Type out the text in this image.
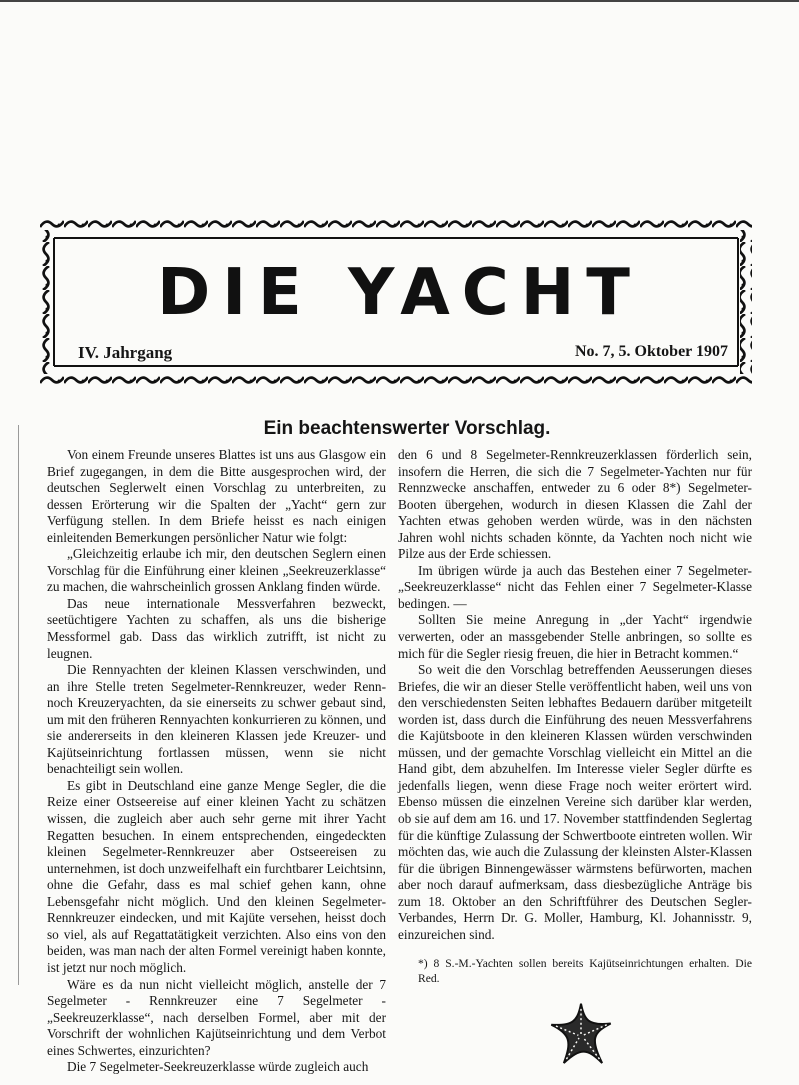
DIE YACHT
IV. Jahrgang	No. 7, 5. Oktober 1907
Ein beachtenswerter Vorschlag.

Von einem Freunde unseres Blattes ist uns aus Glasgow ein Brief zugegangen, in dem die Bitte ausgesprochen wird, der deutschen Seglerwelt einen Vorschlag zu unterbreiten, zu dessen Erörterung wir die Spalten der „Yacht“ gern zur Verfügung stellen. In dem Briefe heisst es nach einigen einleitenden Bemerkungen persönlicher Natur wie folgt:

„Gleichzeitig erlaube ich mir, den deutschen Seglern einen Vorschlag für die Einführung einer kleinen „Seekreuzerklasse“ zu machen, die wahrscheinlich grossen Anklang finden würde.

Das neue internationale Messverfahren bezweckt, seetüchtigere Yachten zu schaffen, als uns die bisherige Messformel gab. Dass das wirklich zutrifft, ist nicht zu leugnen.

Die Rennyachten der kleinen Klassen verschwinden, und an ihre Stelle treten Segelmeter-Rennkreuzer, weder Renn- noch Kreuzeryachten, da sie einerseits zu schwer gebaut sind, um mit den früheren Rennyachten konkurrieren zu können, und sie andererseits in den kleineren Klassen jede Kreuzer- und Kajütseinrichtung fortlassen müssen, wenn sie nicht benachteiligt sein wollen.

Es gibt in Deutschland eine ganze Menge Segler, die die Reize einer Ostseereise auf einer kleinen Yacht zu schätzen wissen, die zugleich aber auch sehr gerne mit ihrer Yacht Regatten besuchen. In einem entsprechenden, eingedeckten kleinen Segelmeter-Rennkreuzer aber Ostseereisen zu unternehmen, ist doch unzweifelhaft ein furchtbarer Leichtsinn, ohne die Gefahr, dass es mal schief gehen kann, ohne Lebensgefahr nicht möglich. Und den kleinen Segelmeter-Rennkreuzer eindecken, und mit Kajüte versehen, heisst doch so viel, als auf Regattatätigkeit verzichten. Also eins von den beiden, was man nach der alten Formel vereinigt haben konnte, ist jetzt nur noch möglich.

Wäre es da nun nicht vielleicht möglich, anstelle der 7 Segelmeter - Rennkreuzer eine 7 Segelmeter - „Seekreuzerklasse“, nach derselben Formel, aber mit der Vorschrift der wohnlichen Kajütseinrichtung und dem Verbot eines Schwertes, einzurichten?

Die 7 Segelmeter-Seekreuzerklasse würde zugleich auch

den 6 und 8 Segelmeter-Rennkreuzerklassen förderlich sein, insofern die Herren, die sich die 7 Segelmeter-Yachten nur für Rennzwecke anschaffen, entweder zu 6 oder 8*) Segelmeter-Booten übergehen, wodurch in diesen Klassen die Zahl der Yachten etwas gehoben werden würde, was in den nächsten Jahren wohl nichts schaden könnte, da Yachten noch nicht wie Pilze aus der Erde schiessen.

Im übrigen würde ja auch das Bestehen einer 7 Segelmeter-„Seekreuzerklasse“ nicht das Fehlen einer 7 Segelmeter-Klasse bedingen. —

Sollten Sie meine Anregung in „der Yacht“ irgendwie verwerten, oder an massgebender Stelle anbringen, so sollte es mich für die Segler riesig freuen, die hier in Betracht kommen.“

So weit die den Vorschlag betreffenden Aeusserungen dieses Briefes, die wir an dieser Stelle veröffentlicht haben, weil uns von den verschiedensten Seiten lebhaftes Bedauern darüber mitgeteilt worden ist, dass durch die Einführung des neuen Messverfahrens die Kajütsboote in den kleineren Klassen würden verschwinden müssen, und der gemachte Vorschlag vielleicht ein Mittel an die Hand gibt, dem abzuhelfen. Im Interesse vieler Segler dürfte es jedenfalls liegen, wenn diese Frage noch weiter erörtert wird. Ebenso müssen die einzelnen Vereine sich darüber klar werden, ob sie auf dem am 16. und 17. November stattfindenden Seglertag für die künftige Zulassung der Schwertboote eintreten wollen. Wir möchten das, wie auch die Zulassung der kleinsten Alster-Klassen für die übrigen Binnengewässer wärmstens befürworten, machen aber noch darauf aufmerksam, dass diesbezügliche Anträge bis zum 18. Oktober an den Schriftführer des Deutschen Segler-Verbandes, Herrn Dr. G. Moller, Hamburg, Kl. Johannisstr. 9, einzureichen sind.

*) 8 S.-M.-Yachten sollen bereits Kajütseinrichtungen erhalten. Die Red.
